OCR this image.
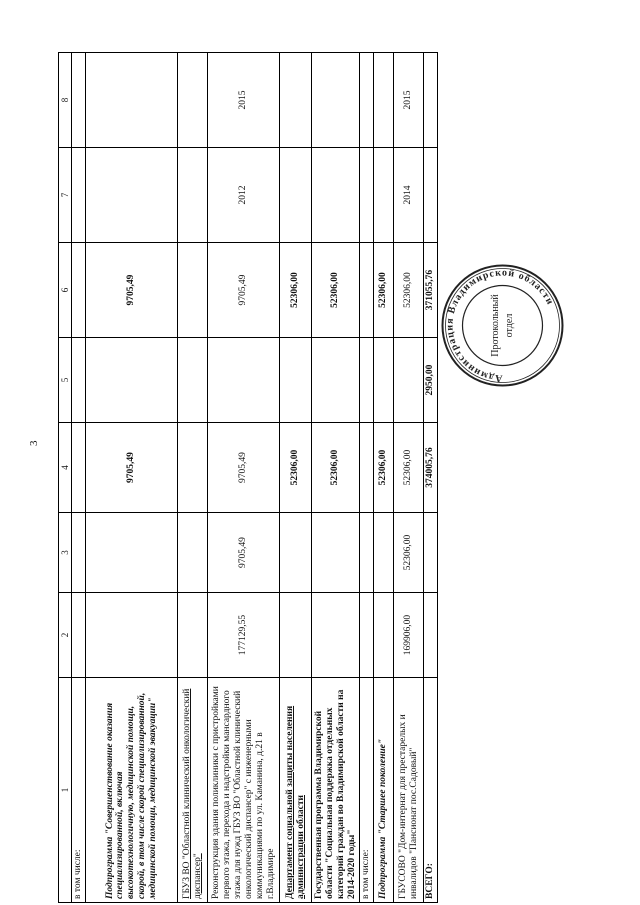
3
1	2	3	4	5	6	7	8
в том числе:							
Подпрограмма "Совершенствование оказания специализированной, включая высокотехнологичную, медицинской помощи, скорой, в том числе скорой специализированной, медицинской помощи, медицинской эвакуации"			9705,49		9705,49		
ГБУЗ ВО "Областной клинический онкологический диспансер"							
Реконструкция здания поликлиники с пристройками первого этажа, перехода и надстройки мансардного этажа для нужд ГБУЗ ВО "Областной клинический онкологический диспансер" с инженерными коммуникациями по ул. Каманина, д.21 в г.Владимире	177129,55	9705,49	9705,49		9705,49	2012	2015
Департамент социальной защиты населения администрации области			52306,00		52306,00		
Государственная программа Владимирской области "Социальная поддержка отдельных категорий граждан во Владимирской области на 2014-2020 годы"			52306,00		52306,00		
в том числе:							
Подпрограмма "Старшее поколение"			52306,00		52306,00		
ГБУСОВО "Дом-интернат для престарелых и инвалидов "Пансионат пос.Садовый"	169906,00	52306,00	52306,00		52306,00	2014	2015
ВСЕГО:			374005,76	2950,00	371055,76		
Администрация Владимирской области
Протокольный отдел
